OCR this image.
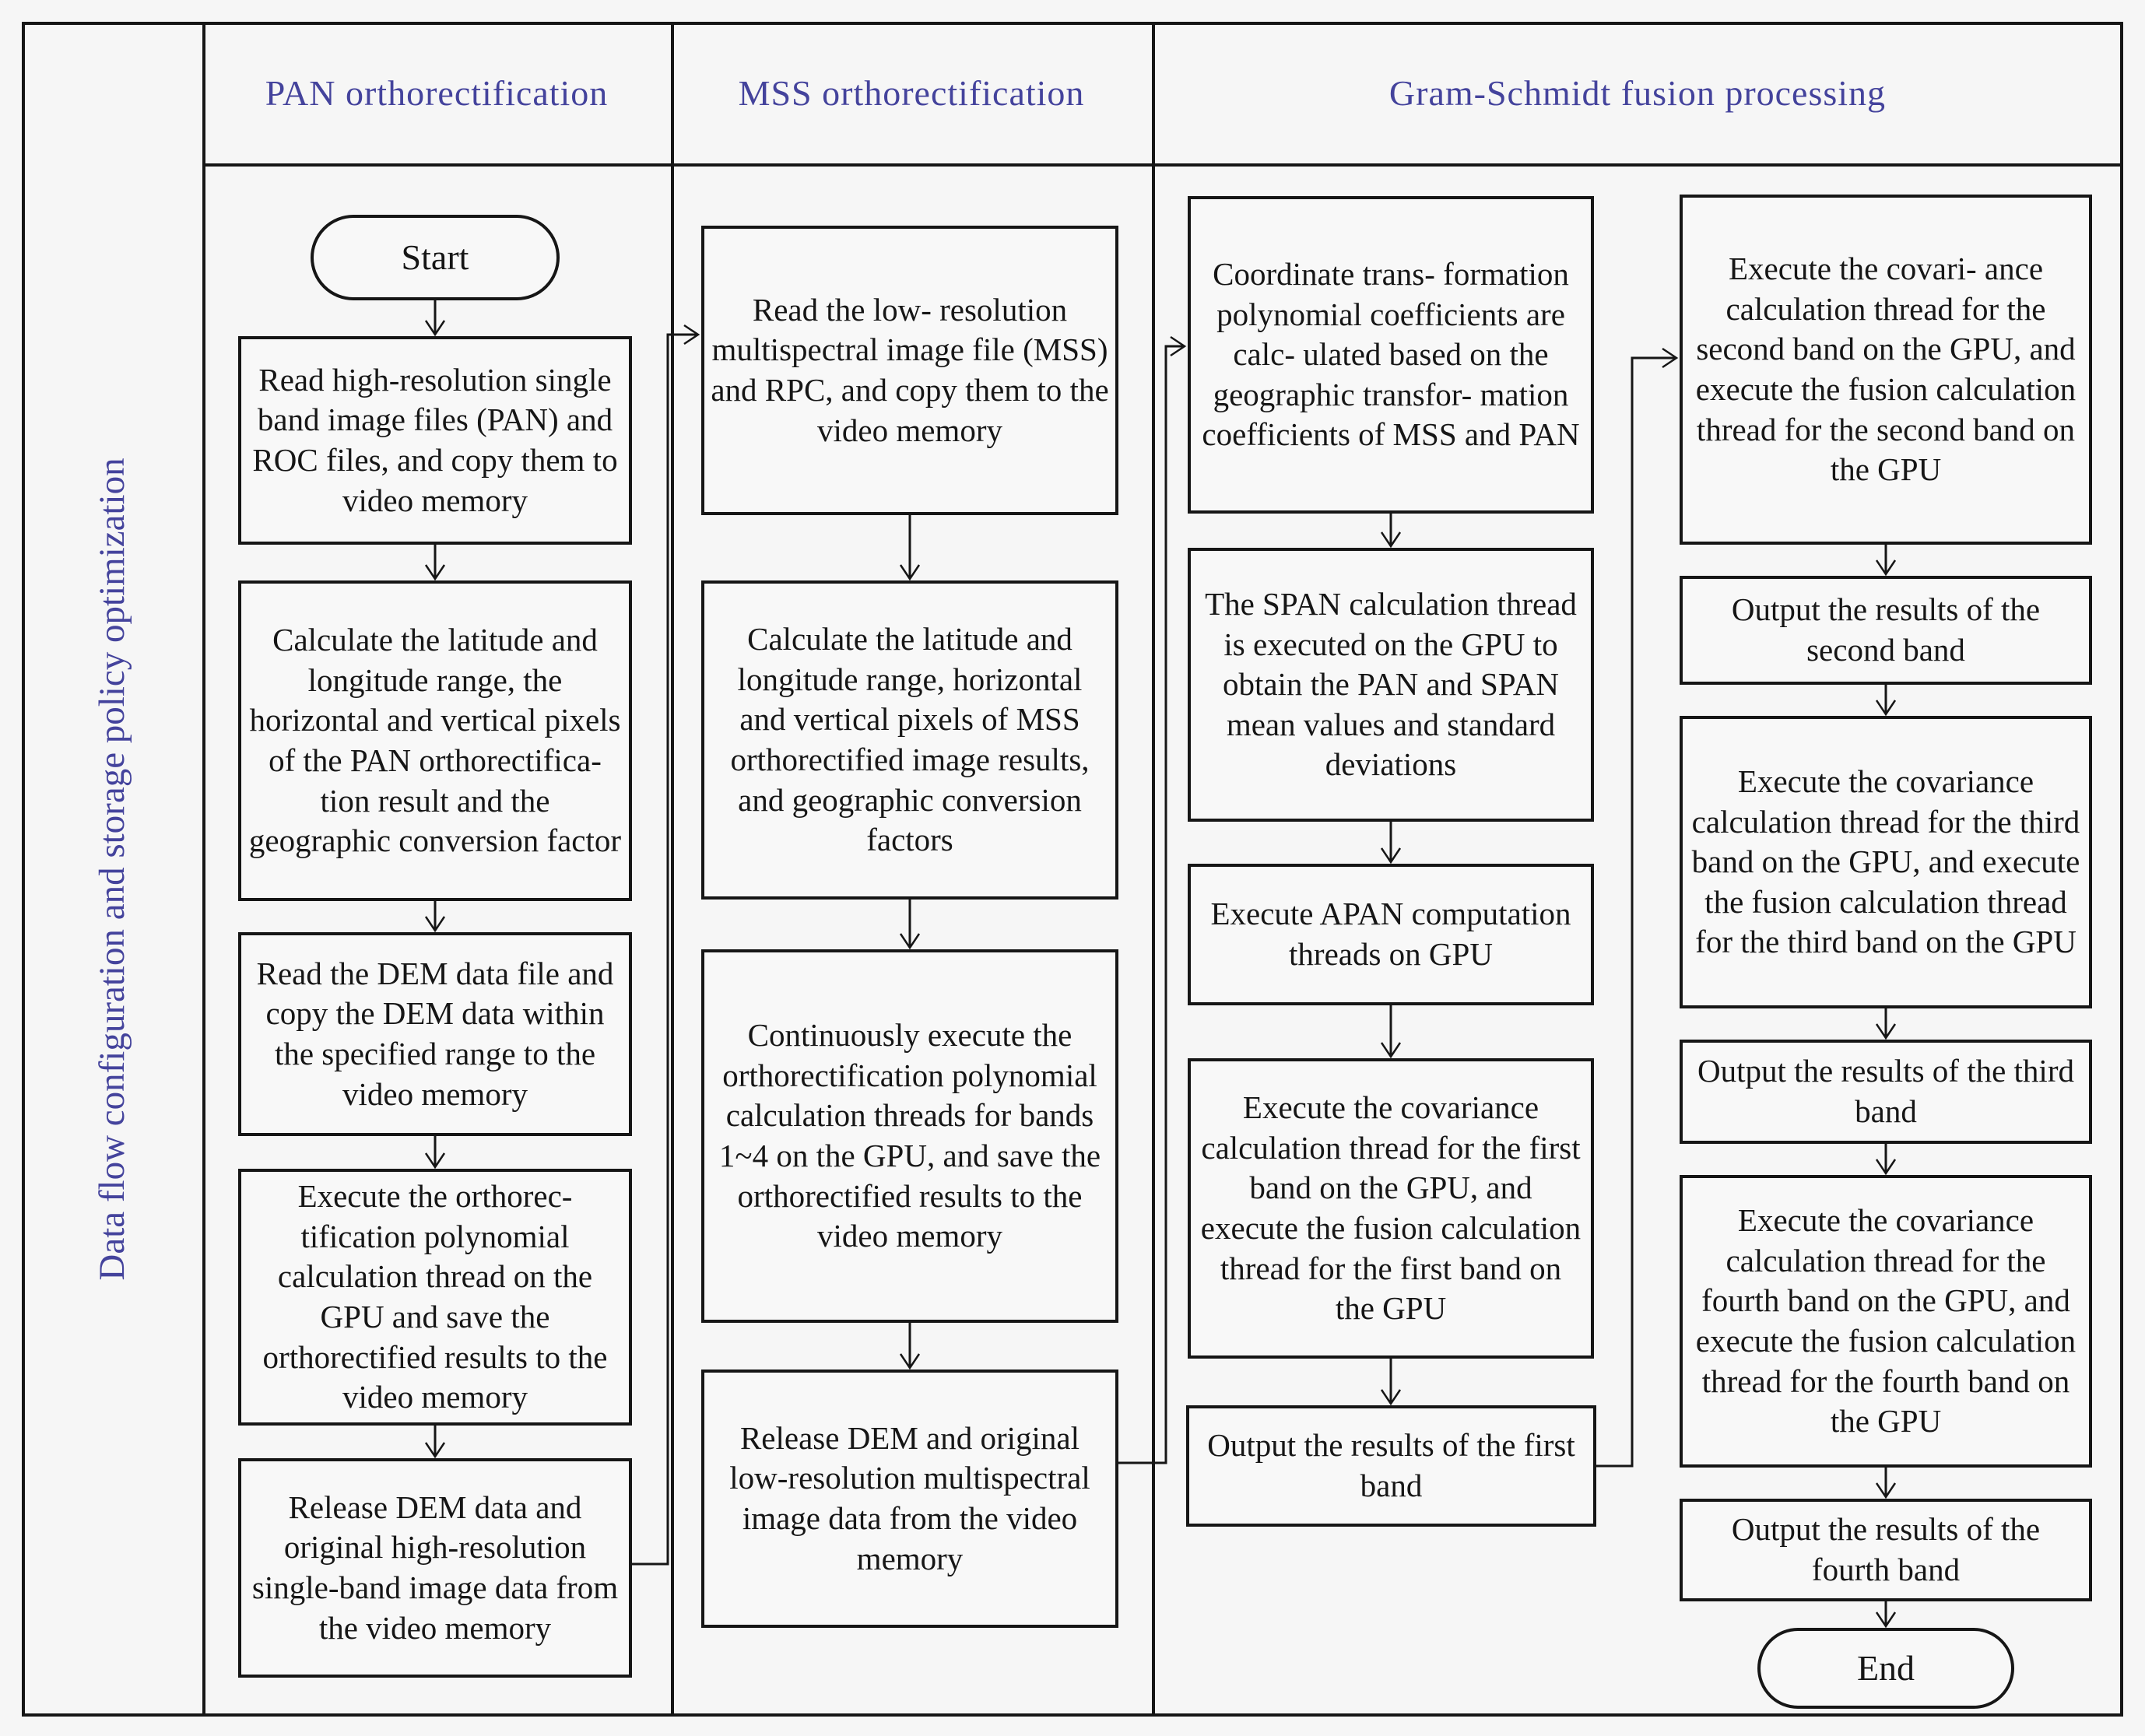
PAN orthorectification	MSS orthorectification	Gram-Schmidt fusion processing
Data flow configuration and storage policy optimization
Start
Read high-resolution single band image files (PAN) and ROC files, and copy them to video memory
Calculate the latitude and longitude range, the horizontal and vertical pixels of the PAN orthorectifica- tion result and the geographic conversion factor
Read the DEM data file and copy the DEM data within the specified range to the video memory
Execute the orthorec- tification polynomial calculation thread on the GPU and save the orthorectified results to the video memory
Release DEM data and original high-resolution single-band image data from the video memory
Read the low- resolution multispectral image file (MSS) and RPC, and copy them to the video memory
Calculate the latitude and longitude range, horizontal and vertical pixels of MSS orthorectified image results, and geographic conversion factors
Continuously execute the orthorectification polynomial calculation threads for bands 1~4 on the GPU, and save the orthorectified results to the video memory
Release DEM and original low-resolution multispectral image data from the video memory
Coordinate trans- formation polynomial coefficients are calc- ulated based on the geographic transfor- mation coefficients of MSS and PAN
The SPAN calculation thread is executed on the GPU to obtain the PAN and SPAN mean values and standard deviations
Execute APAN computation threads on GPU
Execute the covariance calculation thread for the first band on the GPU, and execute the fusion calculation thread for the first band on the GPU
Output the results of the first band
Execute the covari- ance calculation thread for the second band on the GPU, and execute the fusion calculation thread for the second band on the GPU
Output the results of the second band
Execute the covariance calculation thread for the third band on the GPU, and execute the fusion calculation thread for the third band on the GPU
Output the results of the third band
Execute the covariance calculation thread for the fourth band on the GPU, and execute the fusion calculation thread for the fourth band on the GPU
Output the results of the fourth band
End
